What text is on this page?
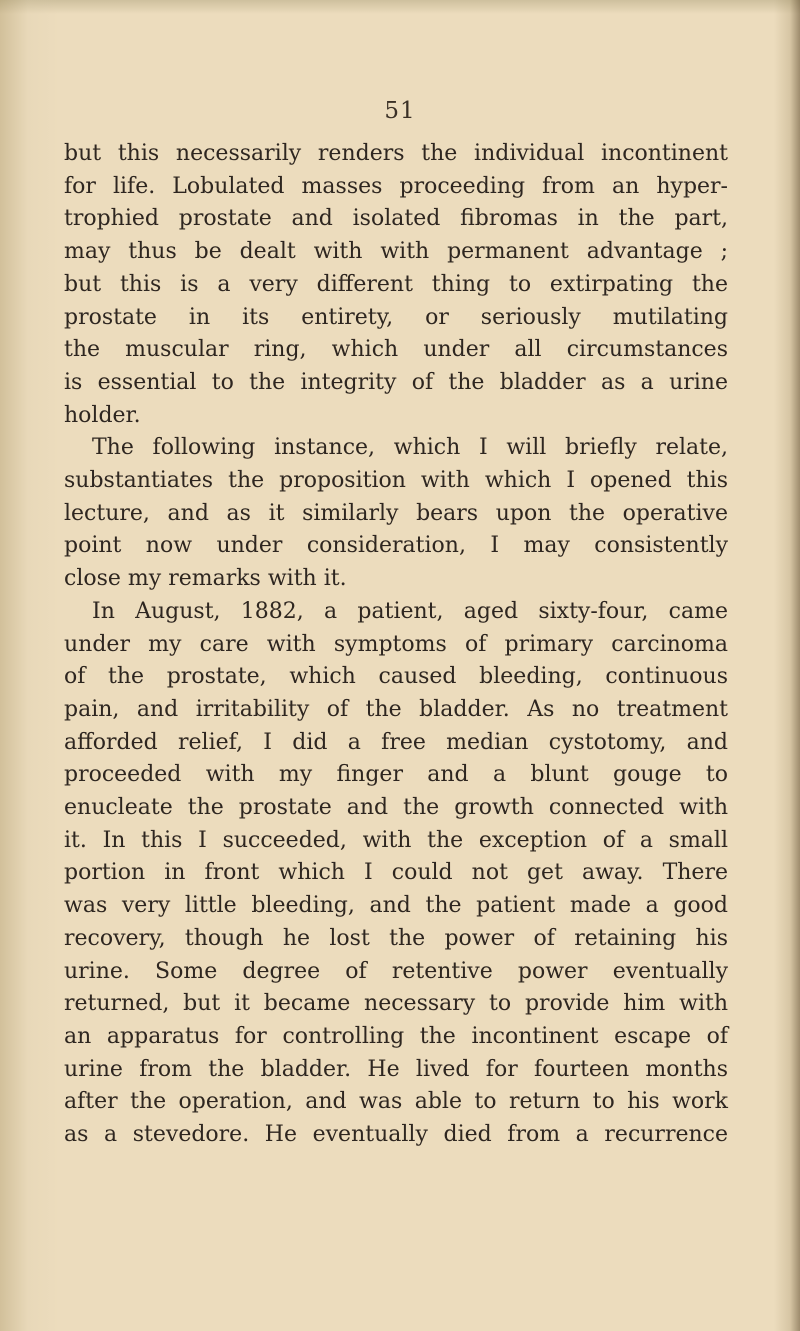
51
but this necessarily renders the individual incontinent
for life. Lobulated masses proceeding from an hyper-
trophied prostate and isolated fibromas in the part,
may thus be dealt with with permanent advantage ;
but this is a very different thing to extirpating the
prostate in its entirety, or seriously mutilating
the muscular ring, which under all circumstances
is essential to the integrity of the bladder as a urine
holder.
The following instance, which I will briefly relate,
substantiates the proposition with which I opened this
lecture, and as it similarly bears upon the operative
point now under consideration, I may consistently
close my remarks with it.
In August, 1882, a patient, aged sixty-four, came
under my care with symptoms of primary carcinoma
of the prostate, which caused bleeding, continuous
pain, and irritability of the bladder. As no treatment
afforded relief, I did a free median cystotomy, and
proceeded with my finger and a blunt gouge to
enucleate the prostate and the growth connected with
it. In this I succeeded, with the exception of a small
portion in front which I could not get away. There
was very little bleeding, and the patient made a good
recovery, though he lost the power of retaining his
urine. Some degree of retentive power eventually
returned, but it became necessary to provide him with
an apparatus for controlling the incontinent escape of
urine from the bladder. He lived for fourteen months
after the operation, and was able to return to his work
as a stevedore. He eventually died from a recurrence
